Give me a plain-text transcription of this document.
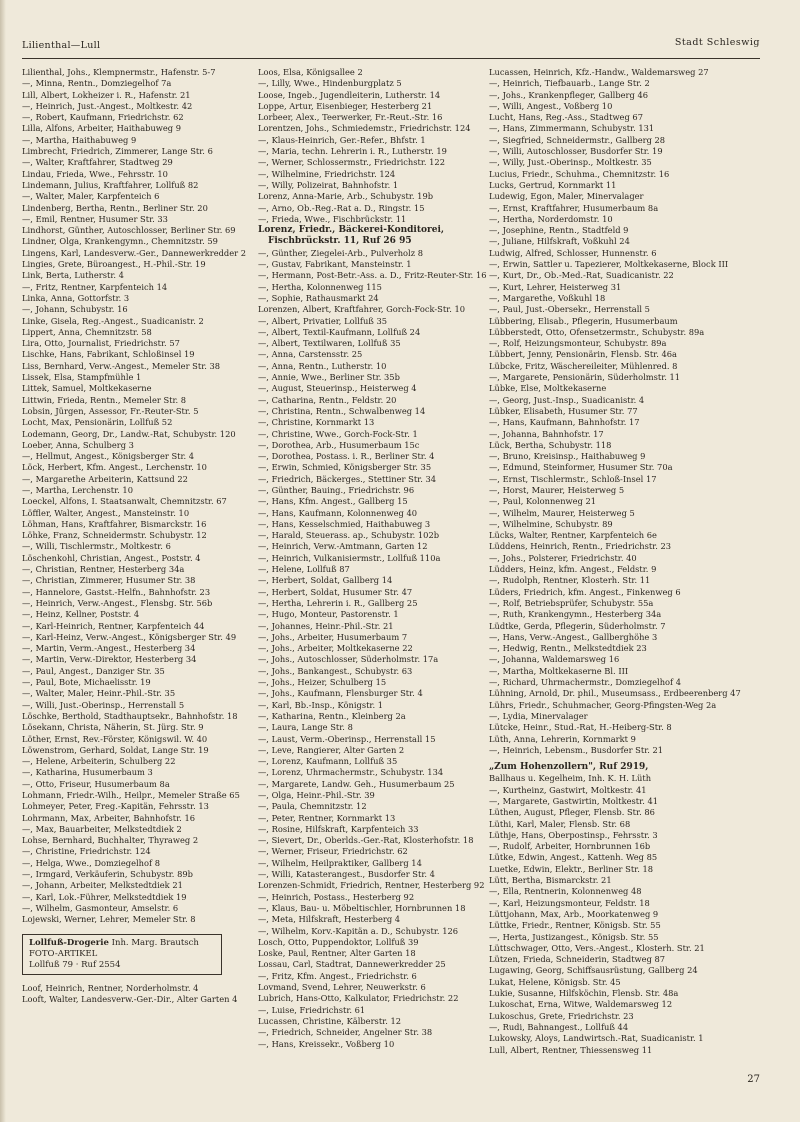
Lilienthal—Lull	Stadt Schleswig
Lilienthal, Johs., Klempnermstr., Hafenstr. 5-7
—, Minna, Rentn., Domziegelhof 7a
Lill, Albert, Lokheizer i. R., Hafenstr. 21
—, Heinrich, Just.-Angest., Moltkestr. 42
—, Robert, Kaufmann, Friedrichstr. 62
Lilla, Alfons, Arbeiter, Haithabuweg 9
—, Martha, Haithabuweg 9
Limbrecht, Friedrich, Zimmerer, Lange Str. 6
—, Walter, Kraftfahrer, Stadtweg 29
Lindau, Frieda, Wwe., Fehrsstr. 10
Lindemann, Julius, Kraftfahrer, Lollfuß 82
—, Walter, Maler, Karpfenteich 6
Lindenberg, Bertha, Rentn., Berliner Str. 20
—, Emil, Rentner, Husumer Str. 33
Lindhorst, Günther, Autoschlosser, Berliner Str. 69
Lindner, Olga, Krankengymn., Chemnitzstr. 59
Lingens, Karl, Landesverw.-Ger., Dannewerkredder 2
Lingies, Grete, Büroangest., H.-Phil.-Str. 19
Link, Berta, Lutherstr. 4
—, Fritz, Rentner, Karpfenteich 14
Linka, Anna, Gottorfstr. 3
—, Johann, Schubystr. 16
Linke, Gisela, Reg.-Angest., Suadicanistr. 2
Lippert, Anna, Chemnitzstr. 58
Lira, Otto, Journalist, Friedrichstr. 57
Lischke, Hans, Fabrikant, Schloßinsel 19
Liss, Bernhard, Verw.-Angest., Memeler Str. 38
Lissek, Elsa, Stampfmühle 1
Littek, Samuel, Moltkekaserne
Littwin, Frieda, Rentn., Memeler Str. 8
Lobsin, Jürgen, Assessor, Fr.-Reuter-Str. 5
Locht, Max, Pensionärin, Lollfuß 52
Lodemann, Georg, Dr., Landw.-Rat, Schubystr. 120
Loeber, Anna, Schulberg 3
—, Hellmut, Angest., Königsberger Str. 4
Löck, Herbert, Kfm. Angest., Lerchenstr. 10
—, Margarethe Arbeiterin, Kattsund 22
—, Martha, Lerchenstr. 10
Loeckel, Alfons, I. Staatsanwalt, Chemnitzstr. 67
Löffler, Walter, Angest., Mansteinstr. 10
Löhman, Hans, Kraftfahrer, Bismarckstr. 16
Löhke, Franz, Schneidermstr. Schubystr. 12
—, Willi, Tischlermstr., Moltkestr. 6
Löschenkohl, Christian, Angest., Poststr. 4
—, Christian, Rentner, Hesterberg 34a
—, Christian, Zimmerer, Husumer Str. 38
—, Hannelore, Gastst.-Helfn., Bahnhofstr. 23
—, Heinrich, Verw.-Angest., Flensbg. Str. 56b
—, Heinz, Kellner, Poststr. 4
—, Karl-Heinrich, Rentner, Karpfenteich 44
—, Karl-Heinz, Verw.-Angest., Königsberger Str. 49
—, Martin, Verm.-Angest., Hesterberg 34
—, Martin, Verw.-Direktor, Hesterberg 34
—, Paul, Angest., Danziger Str. 35
—, Paul, Bote, Michaelisstr. 19
—, Walter, Maler, Heinr.-Phil.-Str. 35
—, Willi, Just.-Oberinsp., Herrenstall 5
Löschke, Berthold, Stadthauptsekr., Bahnhofstr. 18
Lösekann, Christa, Näherin, St. Jürg. Str. 9
Löther, Ernst, Rev.-Förster, Königswil. W. 40
Löwenstrom, Gerhard, Soldat, Lange Str. 19
—, Helene, Arbeiterin, Schulberg 22
—, Katharina, Husumerbaum 3
—, Otto, Friseur, Husumerbaum 8a
Lohmann, Friedr.-Wilh., Heilpr., Memeler Straße 65
Lohmeyer, Peter, Freg.-Kapitän, Fehrsstr. 13
Lohrmann, Max, Arbeiter, Bahnhofstr. 16
—, Max, Bauarbeiter, Melkstedtdiek 2
Lohse, Bernhard, Buchhalter, Thyraweg 2
—, Christine, Friedrichstr. 124
—, Helga, Wwe., Domziegelhof 8
—, Irmgard, Verkäuferin, Schubystr. 89b
—, Johann, Arbeiter, Melkstedtdiek 21
—, Karl, Lok.-Führer, Melkstedtdiek 19
—, Wilhelm, Gasmonteur, Amselstr. 6
Lojewski, Werner, Lehrer, Memeler Str. 8
Lollfuß-Drogerie Inh. Marg. Brautsch
FOTO-ARTIKEL
Lollfuß 79 · Ruf 2554
Loof, Heinrich, Rentner, Norderholmstr. 4
Looft, Walter, Landesverw.-Ger.-Dir., Alter Garten 4
Loos, Elsa, Königsallee 2
—, Lilly, Wwe., Hindenburgplatz 5
Loose, Ingeb., Jugendleiterin, Lutherstr. 14
Loppe, Artur, Eisenbieger, Hesterberg 21
Lorbeer, Alex., Teerwerker, Fr.-Reut.-Str. 16
Lorentzen, Johs., Schmiedemstr., Friedrichstr. 124
—, Klaus-Heinrich, Ger.-Refer., Bhfstr. 1
—, Maria, techn. Lehrerin i. R., Lutherstr. 19
—, Werner, Schlossermstr., Friedrichstr. 122
—, Wilhelmine, Friedrichstr. 124
—, Willy, Polizeirat, Bahnhofstr. 1
Lorenz, Anna-Marie, Arb., Schubystr. 19b
—, Arno, Ob.-Reg.-Rat a. D., Ringstr. 15
—, Frieda, Wwe., Fischbrückstr. 11
Lorenz, Friedr., Bäckerei-Konditorei, Fischbrückstr. 11, Ruf 26 95
—, Günther, Ziegelei-Arb., Pulverholz 8
—, Gustav, Fabrikant, Mansteinstr. 1
—, Hermann, Post-Betr.-Ass. a. D., Fritz-Reuter-Str. 16
—, Hertha, Kolonnenweg 115
—, Sophie, Rathausmarkt 24
Lorenzen, Albert, Kraftfahrer, Gorch-Fock-Str. 10
—, Albert, Privatier, Lollfuß 35
—, Albert, Textil-Kaufmann, Lollfuß 24
—, Albert, Textilwaren, Lollfuß 35
—, Anna, Carstensstr. 25
—, Anna, Rentn., Lutherstr. 10
—, Annie, Wwe., Berliner Str. 35b
—, August, Steuerinsp., Heisterweg 4
—, Catharina, Rentn., Feldstr. 20
—, Christina, Rentn., Schwalbenweg 14
—, Christine, Kornmarkt 13
—, Christine, Wwe., Gorch-Fock-Str. 1
—, Dorothea, Arb., Husumerbaum 15c
—, Dorothea, Postass. i. R., Berliner Str. 4
—, Erwin, Schmied, Königsberger Str. 35
—, Friedrich, Bäckerges., Stettiner Str. 34
—, Günther, Bauing., Friedrichstr. 96
—, Hans, Kfm. Angest., Gallberg 15
—, Hans, Kaufmann, Kolonnenweg 40
—, Hans, Kesselschmied, Haithabuweg 3
—, Harald, Steuerass. ap., Schubystr. 102b
—, Heinrich, Verw.-Amtmann, Garten 12
—, Heinrich, Vulkanisiermstr., Lollfuß 110a
—, Helene, Lollfuß 87
—, Herbert, Soldat, Gallberg 14
—, Herbert, Soldat, Husumer Str. 47
—, Hertha, Lehrerin i. R., Gallberg 25
—, Hugo, Monteur, Pastorenstr. 1
—, Johannes, Heinr.-Phil.-Str. 21
—, Johs., Arbeiter, Husumerbaum 7
—, Johs., Arbeiter, Moltkekaserne 22
—, Johs., Autoschlosser, Süderholmstr. 17a
—, Johs., Bankangest., Schubystr. 63
—, Johs., Heizer, Schulberg 15
—, Johs., Kaufmann, Flensburger Str. 4
—, Karl, Bb.-Insp., Königstr. 1
—, Katharina, Rentn., Kleinberg 2a
—, Laura, Lange Str. 8
—, Laust, Verm.-Oberinsp., Herrenstall 15
—, Leve, Rangierer, Alter Garten 2
—, Lorenz, Kaufmann, Lollfuß 35
—, Lorenz, Uhrmachermstr., Schubystr. 134
—, Margarete, Landw. Geh., Husumerbaum 25
—, Olga, Heinr.-Phil.-Str. 39
—, Paula, Chemnitzstr. 12
—, Peter, Rentner, Kornmarkt 13
—, Rosine, Hilfskraft, Karpfenteich 33
—, Sievert, Dr., Oberlds.-Ger.-Rat, Klosterhofstr. 18
—, Werner, Friseur, Friedrichstr. 62
—, Wilhelm, Heilpraktiker, Gallberg 14
—, Willi, Katasterangest., Busdorfer Str. 4
Lorenzen-Schmidt, Friedrich, Rentner, Hesterberg 92
—, Heinrich, Postass., Hesterberg 92
—, Klaus, Bau- u. Möbeltischler, Hornbrunnen 18
—, Meta, Hilfskraft, Hesterberg 4
—, Wilhelm, Korv.-Kapitän a. D., Schubystr. 126
Losch, Otto, Puppendoktor, Lollfuß 39
Loske, Paul, Rentner, Alter Garten 18
Lossau, Carl, Stadtrat, Dannewerkredder 25
—, Fritz, Kfm. Angest., Friedrichstr. 6
Lovmand, Svend, Lehrer, Neuwerkstr. 6
Lubrich, Hans-Otto, Kalkulator, Friedrichstr. 22
—, Luise, Friedrichstr. 61
Lucassen, Christine, Kälberstr. 12
—, Friedrich, Schneider, Angelner Str. 38
—, Hans, Kreissekr., Voßberg 10
Lucassen, Heinrich, Kfz.-Handw., Waldemarsweg 27
—, Heinrich, Tiefbauarb., Lange Str. 2
—, Johs., Krankenpfleger, Gallberg 46
—, Willi, Angest., Voßberg 10
Lucht, Hans, Reg.-Ass., Stadtweg 67
—, Hans, Zimmermann, Schubystr. 131
—, Siegfried, Schneidermstr., Gallberg 28
—, Willi, Autoschlosser, Busdorfer Str. 19
—, Willy, Just.-Oberinsp., Moltkestr. 35
Lucius, Friedr., Schuhma., Chemnitzstr. 16
Lucks, Gertrud, Kornmarkt 11
Ludewig, Egon, Maler, Minervalager
—, Ernst, Kraftfahrer, Husumerbaum 8a
—, Hertha, Norderdomstr. 10
—, Josephine, Rentn., Stadtfeld 9
—, Juliane, Hilfskraft, Voßkuhl 24
Ludwig, Alfred, Schlosser, Hunnenstr. 6
—, Erwin, Sattler u. Tapezierer, Moltkekaserne, Block III
—, Kurt, Dr., Ob.-Med.-Rat, Suadicanistr. 22
—, Kurt, Lehrer, Heisterweg 31
—, Margarethe, Voßkuhl 18
—, Paul, Just.-Obersekr., Herrenstall 5
Lübbering, Elisab., Pflegerin, Husumerbaum
Lübberstedt, Otto, Ofensetzermstr., Schubystr. 89a
—, Rolf, Heizungsmonteur, Schubystr. 89a
Lübbert, Jenny, Pensionärin, Flensb. Str. 46a
Lübcke, Fritz, Wäschereileiter, Mühlenred. 8
—, Margarete, Pensionärin, Süderholmstr. 11
Lübke, Else, Moltkekaserne
—, Georg, Just.-Insp., Suadicanistr. 4
Lübker, Elisabeth, Husumer Str. 77
—, Hans, Kaufmann, Bahnhofstr. 17
—, Johanna, Bahnhofstr. 17
Lück, Bertha, Schubystr. 118
—, Bruno, Kreisinsp., Haithabuweg 9
—, Edmund, Steinformer, Husumer Str. 70a
—, Ernst, Tischlermstr., Schloß-Insel 17
—, Horst, Maurer, Heisterweg 5
—, Paul, Kolonnenweg 21
—, Wilhelm, Maurer, Heisterweg 5
—, Wilhelmine, Schubystr. 89
Lücks, Walter, Rentner, Karpfenteich 6e
Lüddens, Heinrich, Rentn., Friedrichstr. 23
—, Johs., Polsterer, Friedrichstr. 40
Lüdders, Heinz, kfm. Angest., Feldstr. 9
—, Rudolph, Rentner, Klosterh. Str. 11
Lüders, Friedrich, kfm. Angest., Finkenweg 6
—, Rolf, Betriebsprüfer, Schubystr. 55a
—, Ruth, Krankengymn., Hesterberg 34a
Lüdtke, Gerda, Pflegerin, Süderholmstr. 7
—, Hans, Verw.-Angest., Gallberghöhe 3
—, Hedwig, Rentn., Melkstedtdiek 23
—, Johanna, Waldemarsweg 16
—, Martha, Moltkekaserne Bl. III
—, Richard, Uhrmachermstr., Domziegelhof 4
Lühning, Arnold, Dr. phil., Museumsass., Erdbeerenberg 47
Lührs, Friedr., Schuhmacher, Georg-Pfingsten-Weg 2a
—, Lydia, Minervalager
Lütcke, Heinr., Stud.-Rat, H.-Heiberg-Str. 8
Lüth, Anna, Lehrerin, Kornmarkt 9
—, Heinrich, Lebensm., Busdorfer Str. 21
„Zum Hohenzollern", Ruf 2919,
Ballhaus u. Kegelheim, Inh. K. H. Lüth
—, Kurtheinz, Gastwirt, Moltkestr. 41
—, Margarete, Gastwirtin, Moltkestr. 41
Lüthen, August, Pfleger, Flensb. Str. 86
Lüthi, Karl, Maler, Flensb. Str. 68
Lüthje, Hans, Oberpostinsp., Fehrsstr. 3
—, Rudolf, Arbeiter, Hornbrunnen 16b
Lütke, Edwin, Angest., Kattenh. Weg 85
Luetke, Edwin, Elektr., Berliner Str. 18
Lütt, Bertha, Bismarckstr. 21
—, Ella, Rentnerin, Kolonnenweg 48
—, Karl, Heizungsmonteur, Feldstr. 18
Lüttjohann, Max, Arb., Moorkatenweg 9
Lüttke, Friedr., Rentner, Königsb. Str. 55
—, Herta, Justizangest., Königsb. Str. 55
Lüttschwager, Otto, Vers.-Angest., Klosterh. Str. 21
Lützen, Frieda, Schneiderin, Stadtweg 87
Lugawing, Georg, Schiffsausrüstung, Gallberg 24
Lukat, Helene, Königsb. Str. 45
Lukie, Susanne, Hilfsköchin, Flensb. Str. 48a
Lukoschat, Erna, Witwe, Waldemarsweg 12
Lukoschus, Grete, Friedrichstr. 23
—, Rudi, Bahnangest., Lollfuß 44
Lukowsky, Aloys, Landwirtsch.-Rat, Suadicanistr. 1
Lull, Albert, Rentner, Thiessensweg 11
27
